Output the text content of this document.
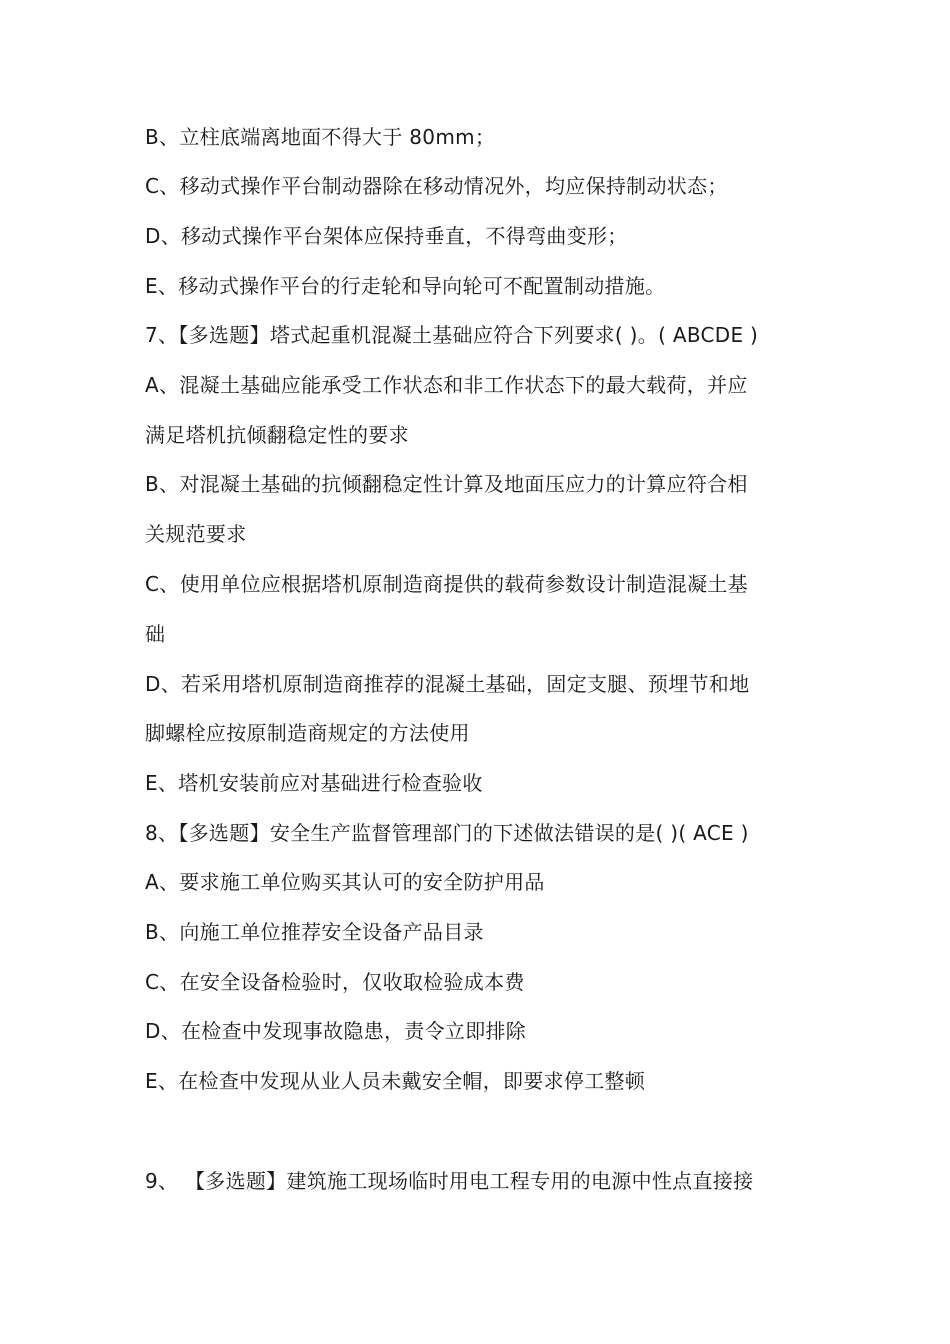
B、立柱底端离地面不得大于 80mm；
C、移动式操作平台制动器除在移动情况外，均应保持制动状态；
D、移动式操作平台架体应保持垂直，不得弯曲变形；
E、移动式操作平台的行走轮和导向轮可不配置制动措施。
7、【多选题】塔式起重机混凝土基础应符合下列要求( )。( ABCDE )
A、混凝土基础应能承受工作状态和非工作状态下的最大载荷，并应
满足塔机抗倾翻稳定性的要求
B、对混凝土基础的抗倾翻稳定性计算及地面压应力的计算应符合相
关规范要求
C、使用单位应根据塔机原制造商提供的载荷参数设计制造混凝土基
础
D、若采用塔机原制造商推荐的混凝土基础，固定支腿、预埋节和地
脚螺栓应按原制造商规定的方法使用
E、塔机安装前应对基础进行检查验收
8、【多选题】安全生产监督管理部门的下述做法错误的是( )( ACE )
A、要求施工单位购买其认可的安全防护用品
B、向施工单位推荐安全设备产品目录
C、在安全设备检验时，仅收取检验成本费
D、在检查中发现事故隐患，责令立即排除
E、在检查中发现从业人员未戴安全帽，即要求停工整顿
9、 【多选题】建筑施工现场临时用电工程专用的电源中性点直接接
